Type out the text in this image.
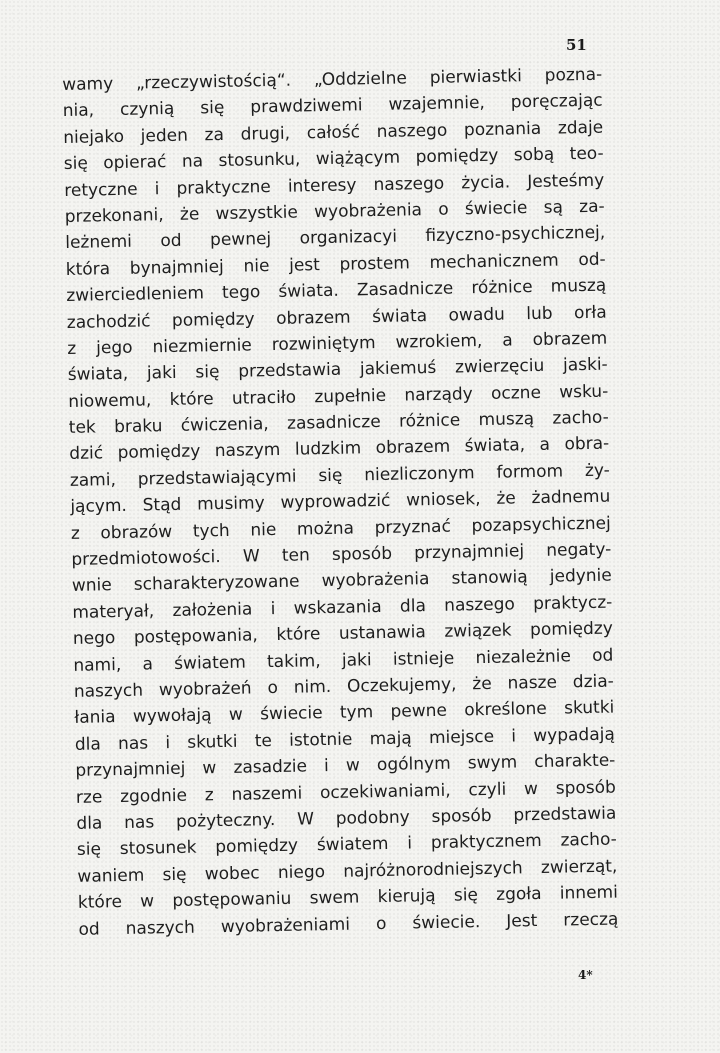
51
wamy „rzeczywistością“. „Oddzielne pierwiastki pozna-
nia, czynią się prawdziwemi wzajemnie, poręczając
niejako jeden za drugi, całość naszego poznania zdaje
się opierać na stosunku, wiążącym pomiędzy sobą teo-
retyczne i praktyczne interesy naszego życia. Jesteśmy
przekonani, że wszystkie wyobrażenia o świecie są za-
leżnemi od pewnej organizacyi fizyczno-psychicznej,
która bynajmniej nie jest prostem mechanicznem od-
zwierciedleniem tego świata. Zasadnicze różnice muszą
zachodzić pomiędzy obrazem świata owadu lub orła
z jego niezmiernie rozwiniętym wzrokiem, a obrazem
świata, jaki się przedstawia jakiemuś zwierzęciu jaski-
niowemu, które utraciło zupełnie narządy oczne wsku-
tek braku ćwiczenia, zasadnicze różnice muszą zacho-
dzić pomiędzy naszym ludzkim obrazem świata, a obra-
zami, przedstawiającymi się niezliczonym formom ży-
jącym. Stąd musimy wyprowadzić wniosek, że żadnemu
z obrazów tych nie można przyznać pozapsychicznej
przedmiotowości. W ten sposób przynajmniej negaty-
wnie scharakteryzowane wyobrażenia stanowią jedynie
materyał, założenia i wskazania dla naszego praktycz-
nego postępowania, które ustanawia związek pomiędzy
nami, a światem takim, jaki istnieje niezależnie od
naszych wyobrażeń o nim. Oczekujemy, że nasze dzia-
łania wywołają w świecie tym pewne określone skutki
dla nas i skutki te istotnie mają miejsce i wypadają
przynajmniej w zasadzie i w ogólnym swym charakte-
rze zgodnie z naszemi oczekiwaniami, czyli w sposób
dla nas pożyteczny. W podobny sposób przedstawia
się stosunek pomiędzy światem i praktycznem zacho-
waniem się wobec niego najróżnorodniejszych zwierząt,
które w postępowaniu swem kierują się zgoła innemi
od naszych wyobrażeniami o świecie. Jest rzeczą
4*
